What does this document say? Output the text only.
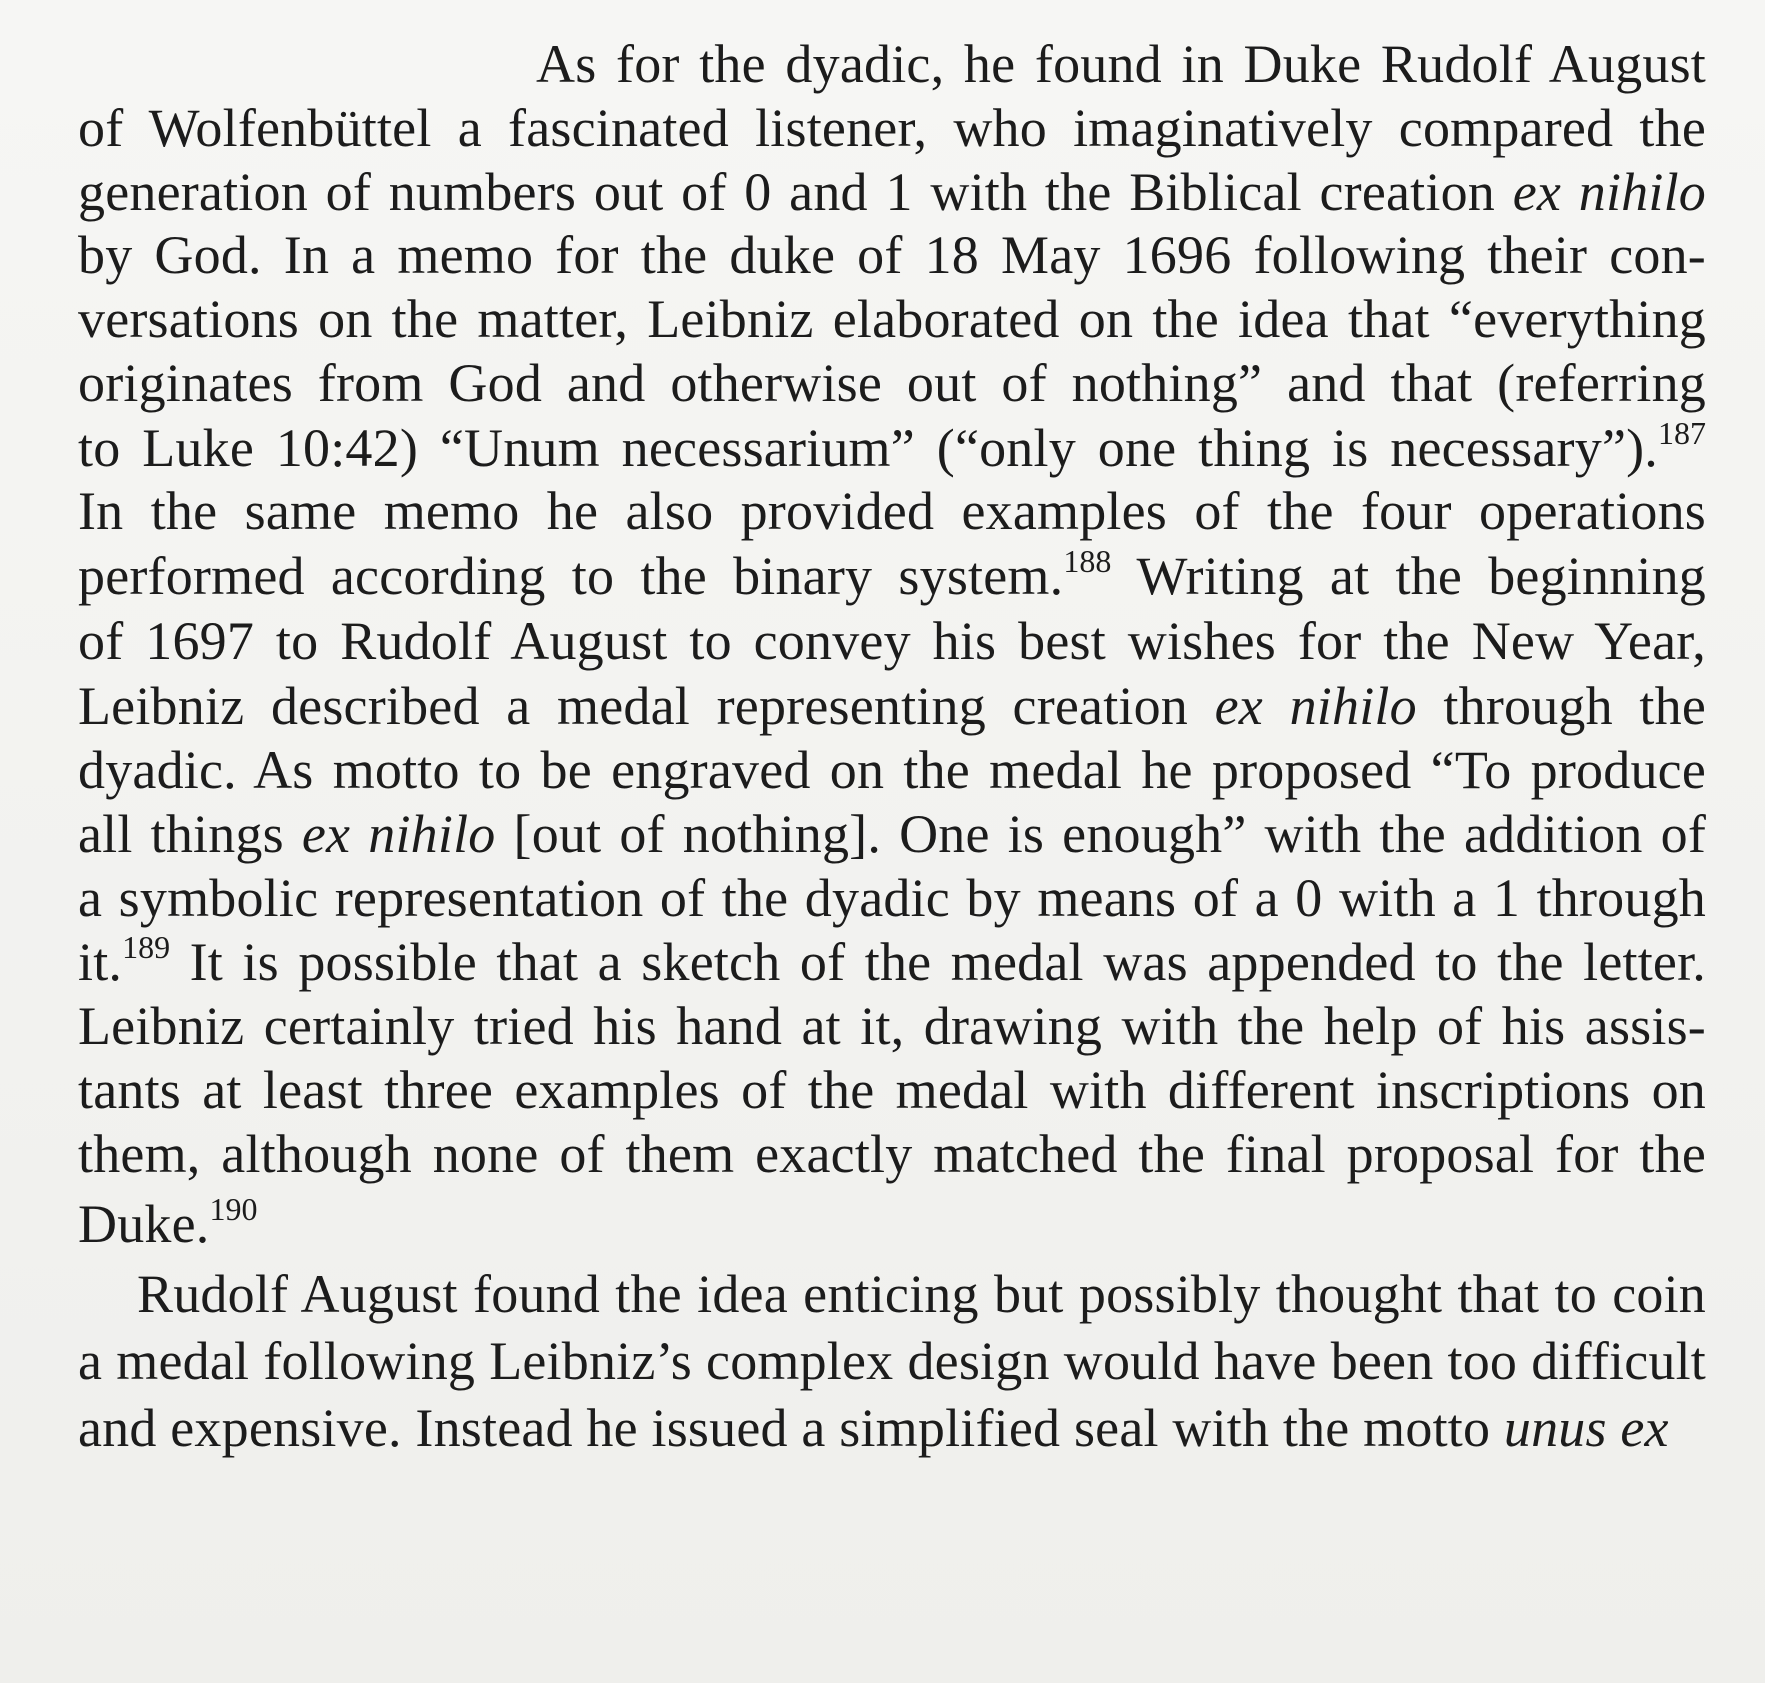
As for the dyadic, he found in Duke Rudolf August

of Wolfenbüttel a fascinated listener, who imaginatively compared the

generation of numbers out of 0 and 1 with the Biblical creation ex nihilo

by God. In a memo for the duke of 18 May 1696 following their con-

versations on the matter, Leibniz elaborated on the idea that “everything

originates from God and otherwise out of nothing” and that (referring

to Luke 10:42) “Unum necessarium” (“only one thing is necessary”).$^{187}$

In the same memo he also provided examples of the four operations

performed according to the binary system.$^{188}$ Writing at the beginning

of 1697 to Rudolf August to convey his best wishes for the New Year,

Leibniz described a medal representing creation ex nihilo through the

dyadic. As motto to be engraved on the medal he proposed “To produce

all things ex nihilo [out of nothing]. One is enough” with the addition of

a symbolic representation of the dyadic by means of a 0 with a 1 through

it.$^{189}$ It is possible that a sketch of the medal was appended to the letter.

Leibniz certainly tried his hand at it, drawing with the help of his assis-

tants at least three examples of the medal with different inscriptions on

them, although none of them exactly matched the final proposal for the

Duke.$^{190}$

Rudolf August found the idea enticing but possibly thought that to coin

a medal following Leibniz’s complex design would have been too difficult

and expensive. Instead he issued a simplified seal with the motto unus ex
